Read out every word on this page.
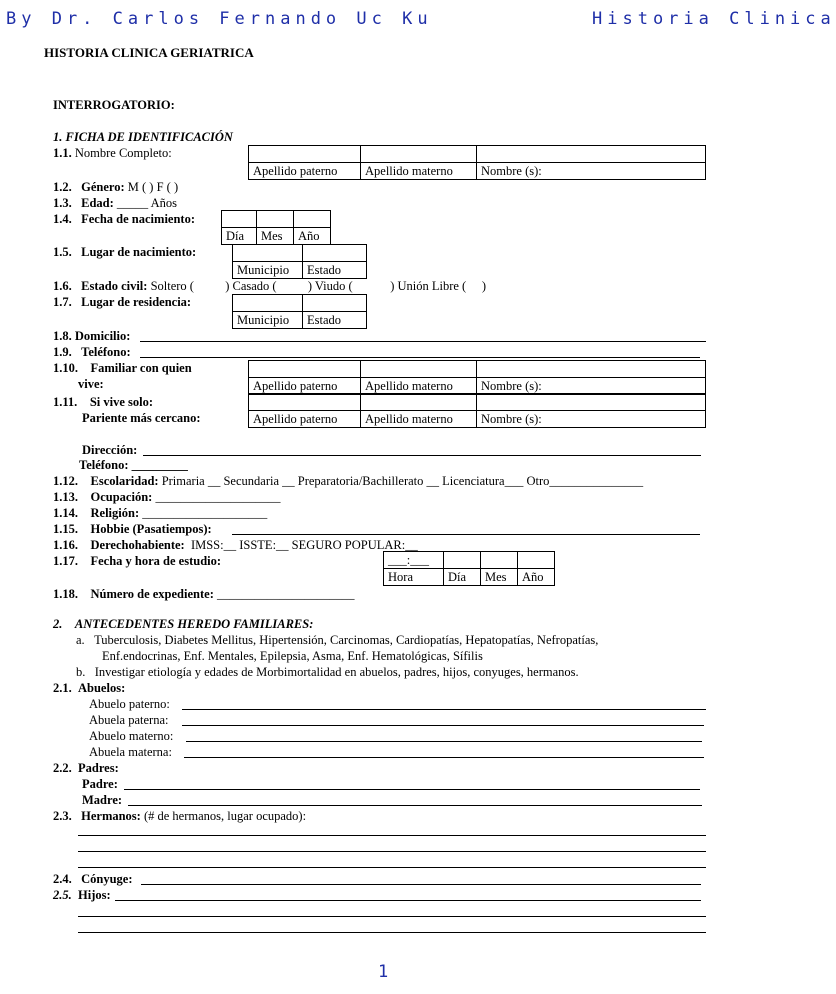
By Dr. Carlos Fernando Uc Ku	Historia Clinica
HISTORIA CLINICA GERIATRICA
INTERROGATORIO:
1. FICHA DE IDENTIFICACIÓN
1.1. Nombre Completo:

Apellido paterno	Apellido materno	Nombre (s):
1.2. Género: M ( ) F ( )
1.3. Edad: _____ Años
1.4. Fecha de nacimiento:

Día	Mes	Año
1.5. Lugar de nacimiento:

Municipio	Estado
1.6. Estado civil: Soltero (          ) Casado (          ) Viudo (            ) Unión Libre (     )
1.7. Lugar de residencia:

Municipio	Estado
1.8. Domicilio:
1.9. Teléfono:
1.10. Familiar con quien
vive:
			Apellido paterno	Apellido materno	Nombre (s):
1.11. Si vive solo:
Pariente más cercano:
			Apellido paterno	Apellido materno	Nombre (s):
Dirección:
Teléfono: _________
1.12. Escolaridad: Primaria __ Secundaria __ Preparatoria/Bachillerato __ Licenciatura___ Otro_______________
1.13. Ocupación: ____________________
1.14. Religión: ____________________
1.15. Hobbie (Pasatiempos):
1.16. Derechohabiente: IMSS:__ ISSTE:__ SEGURO POPULAR:__
1.17. Fecha y hora de estudio:	___:___			
Hora	Día	Mes	Año
1.18. Número de expediente: ______________________
2. ANTECEDENTES HEREDO FAMILIARES:
a. Tuberculosis, Diabetes Mellitus, Hipertensión, Carcinomas, Cardiopatías, Hepatopatías, Nefropatías,
Enf.endocrinas, Enf. Mentales, Epilepsia, Asma, Enf. Hematológicas, Sífilis
b. Investigar etiología y edades de Morbimortalidad en abuelos, padres, hijos, conyuges, hermanos.
2.1. Abuelos:
Abuelo paterno:
Abuela paterna:
Abuelo materno:
Abuela materna:
2.2. Padres:
Padre:
Madre:
2.3. Hermanos: (# de hermanos, lugar ocupado):
2.4. Cónyuge:
2.5. Hijos:
1
